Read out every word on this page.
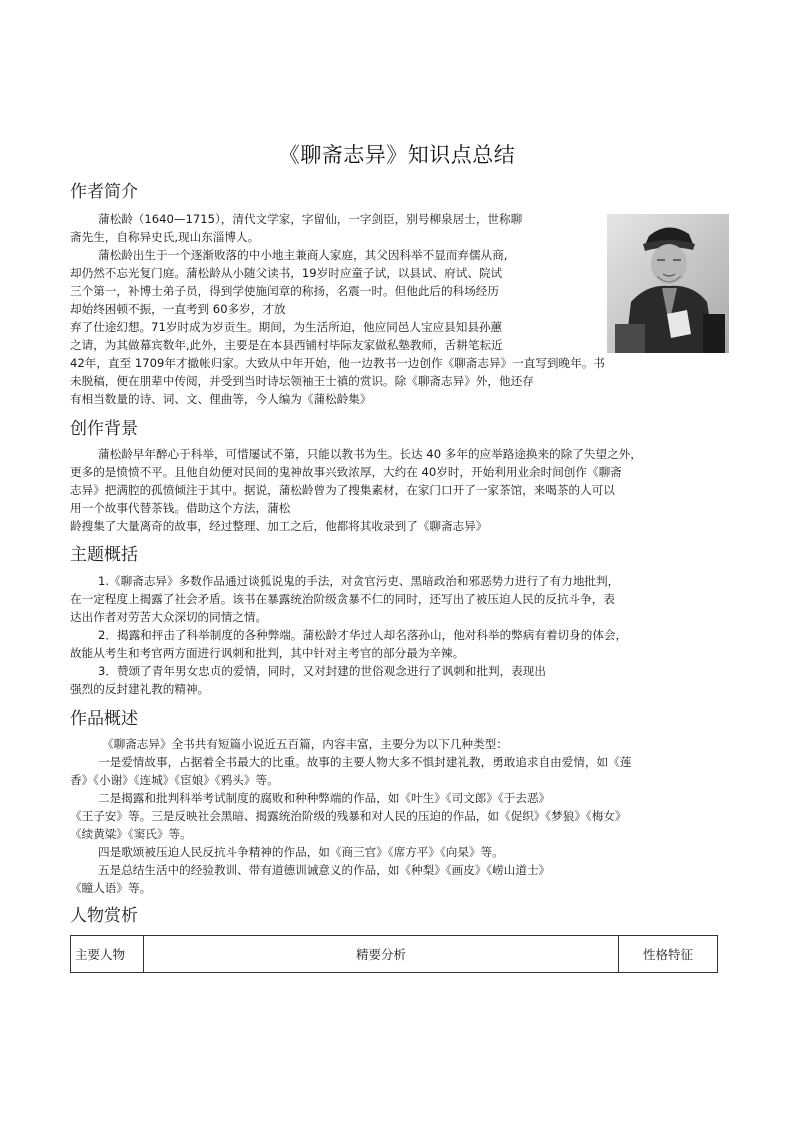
《聊斋志异》知识点总结
作者简介
蒲松龄（1640—1715），清代文学家，字留仙，一字剑臣，别号柳泉居士，世称聊
斋先生，自称异史氏,现山东淄博人。
蒲松龄出生于一个逐渐败落的中小地主兼商人家庭，其父因科举不显而弃儒从商,
却仍然不忘光复门庭。蒲松龄从小随父读书，19岁时应童子试，以县试、府试、院试
三个第一，补博士弟子员，得到学使施闰章的称扬，名震一时。但他此后的科场经历
却始终困顿不振，一直考到 60多岁，才放
弃了仕途幻想。71岁时成为岁贡生。期间，为生活所迫，他应同邑人宝应县知县孙蕙
之请，为其做幕宾数年,此外，主要是在本县西铺村毕际友家做私塾教师，舌耕笔耘近
42年，直至 1709年才撤帐归家。大致从中年开始，他一边教书一边创作《聊斋志异》一直写到晚年。书
未脱稿，便在朋辈中传阅，并受到当时诗坛领袖王士禛的赏识。除《聊斋志异》外，他还存
有相当数量的诗、词、文、俚曲等，今人编为《蒲松龄集》
创作背景
蒲松龄早年醉心于科举，可惜屡试不第，只能以教书为生。长达 40 多年的应举路途换来的除了失望之外，
更多的是愤愤不平。且他自幼便对民间的鬼神故事兴致浓厚，大约在 40岁时，开始利用业余时间创作《聊斋
志异》把满腔的孤愤倾注于其中。据说，蒲松龄曾为了搜集素材，在家门口开了一家茶馆，来喝茶的人可以
用一个故事代替茶钱。借助这个方法，蒲松
龄搜集了大量离奇的故事，经过整理、加工之后，他都将其收录到了《聊斋志异》
主题概括
1.《聊斋志异》多数作品通过谈狐说鬼的手法，对贪官污吏、黑暗政治和邪恶势力进行了有力地批判，
在一定程度上揭露了社会矛盾。该书在暴露统治阶级贪暴不仁的同时，还写出了被压迫人民的反抗斗争，表
达出作者对劳苦大众深切的同情之情。
2．揭露和抨击了科举制度的各种弊端。蒲松龄才华过人却名落孙山，他对科举的弊病有着切身的体会，
故能从考生和考官两方面进行讽刺和批判，其中针对主考官的部分最为辛辣。
3．赞颂了青年男女忠贞的爱情，同时，又对封建的世俗观念进行了讽刺和批判，表现出
强烈的反封建礼教的精神。
作品概述
《聊斋志异》全书共有短篇小说近五百篇，内容丰富，主要分为以下几种类型：
一是爱情故事，占据着全书最大的比重。故事的主要人物大多不惧封建礼教，勇敢追求自由爱情，如《莲
香》《小谢》《连城》《宦娘》《鸦头》等。
二是揭露和批判科举考试制度的腐败和种种弊端的作品，如《叶生》《司文郎》《于去恶》
《王子安》等。三是反映社会黑暗、揭露统治阶级的残暴和对人民的压迫的作品，如《促织》《梦狼》《梅女》
《续黄粱》《窦氏》等。
四是歌颂被压迫人民反抗斗争精神的作品，如《商三官》《席方平》《向杲》等。
五是总结生活中的经验教训、带有道德训诫意义的作品，如《种梨》《画皮》《崂山道士》
《瞳人语》等。
人物赏析
主要人物	精要分析	性格特征
